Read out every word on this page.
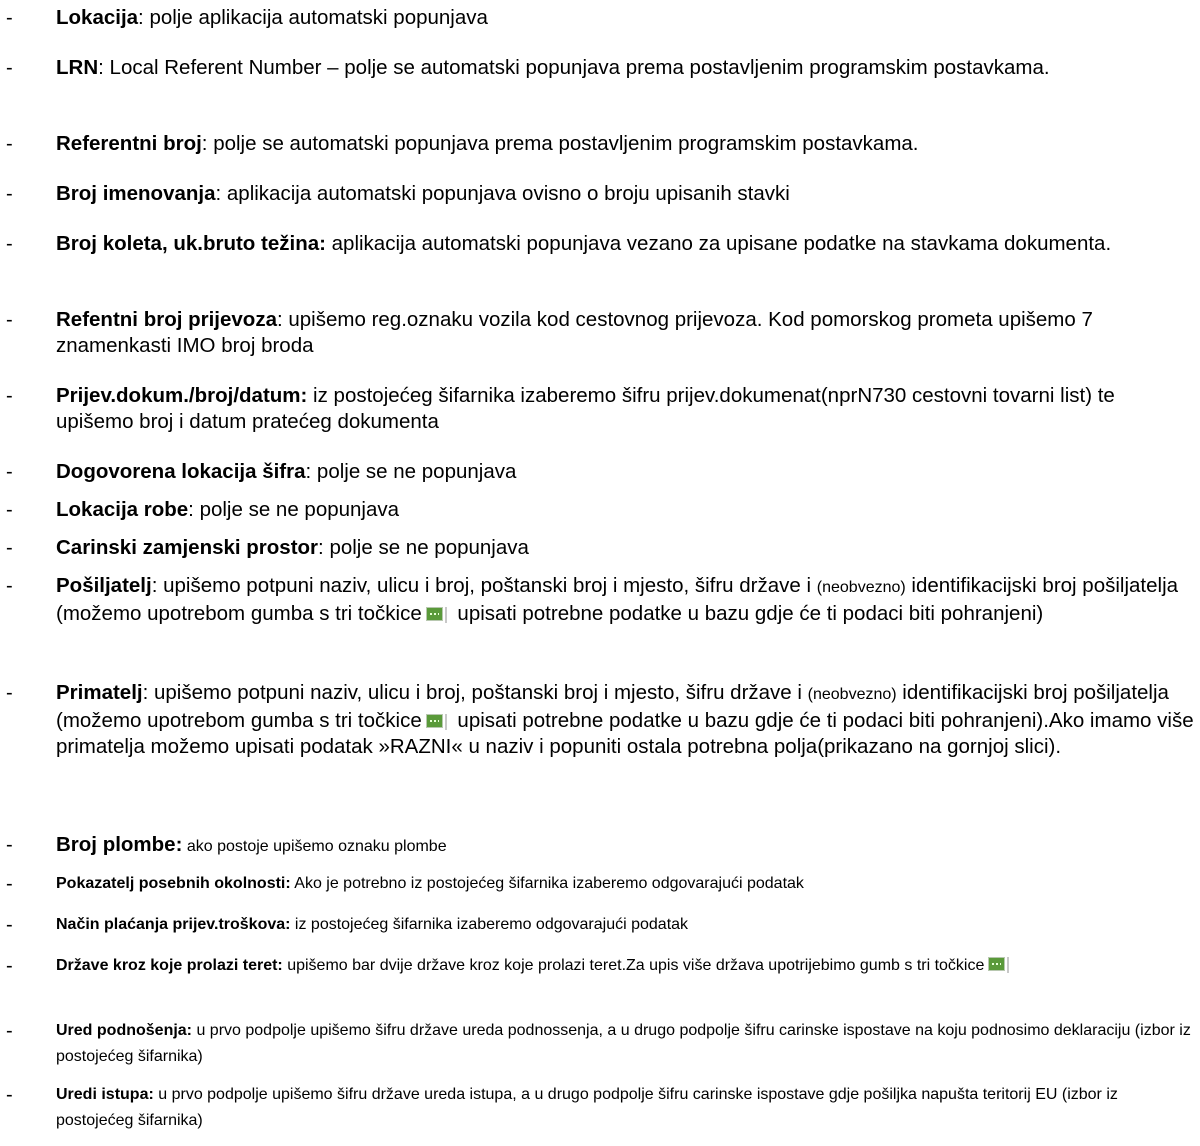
- Lokacija: polje aplikacija automatski popunjava
- LRN: Local Referent Number – polje se automatski popunjava prema postavljenim programskim postavkama.
- Referentni broj: polje se automatski popunjava prema postavljenim programskim postavkama.
- Broj imenovanja: aplikacija automatski popunjava ovisno o broju upisanih stavki
- Broj koleta, uk.bruto težina: aplikacija automatski popunjava vezano za upisane podatke na stavkama dokumenta.
- Refentni broj prijevoza: upišemo reg.oznaku vozila kod cestovnog prijevoza. Kod pomorskog prometa upišemo 7 znamenkasti IMO broj broda
- Prijev.dokum./broj/datum: iz postojećeg šifarnika izaberemo šifru prijev.dokumenat(nprN730 cestovni tovarni list) te upišemo broj i datum pratećeg dokumenta
- Dogovorena lokacija šifra: polje se ne popunjava
- Lokacija robe: polje se ne popunjava
- Carinski zamjenski prostor: polje se ne popunjava
- Pošiljatelj: upišemo potpuni naziv, ulicu i broj, poštanski broj i mjesto, šifru države i (neobvezno) identifikacijski broj pošiljatelja (možemo upotrebom gumba s tri točkice upisati potrebne podatke u bazu gdje će ti podaci biti pohranjeni)
- Primatelj: upišemo potpuni naziv, ulicu i broj, poštanski broj i mjesto, šifru države i (neobvezno) identifikacijski broj pošiljatelja (možemo upotrebom gumba s tri točkice upisati potrebne podatke u bazu gdje će ti podaci biti pohranjeni).Ako imamo više primatelja možemo upisati podatak »RAZNI« u naziv i popuniti ostala potrebna polja(prikazano na gornjoj slici).
- Broj plombe: ako postoje upišemo oznaku plombe
-	Pokazatelj posebnih okolnosti: Ako je potrebno iz postojećeg šifarnika izaberemo odgovarajući podatak
-	Način plaćanja prijev.troškova: iz postojećeg šifarnika izaberemo odgovarajući podatak
-	Države kroz koje prolazi teret: upišemo bar dvije države kroz koje prolazi teret.Za upis više država upotrijebimo gumb s tri točkice
-	Ured podnošenja: u prvo podpolje upišemo šifru države ureda podnossenja, a u drugo podpolje šifru carinske ispostave na koju podnosimo deklaraciju (izbor iz postojećeg šifarnika)
-	Uredi istupa: u prvo podpolje upišemo šifru države ureda istupa, a u drugo podpolje šifru carinske ispostave gdje pošiljka napušta teritorij EU (izbor iz postojećeg šifarnika)
